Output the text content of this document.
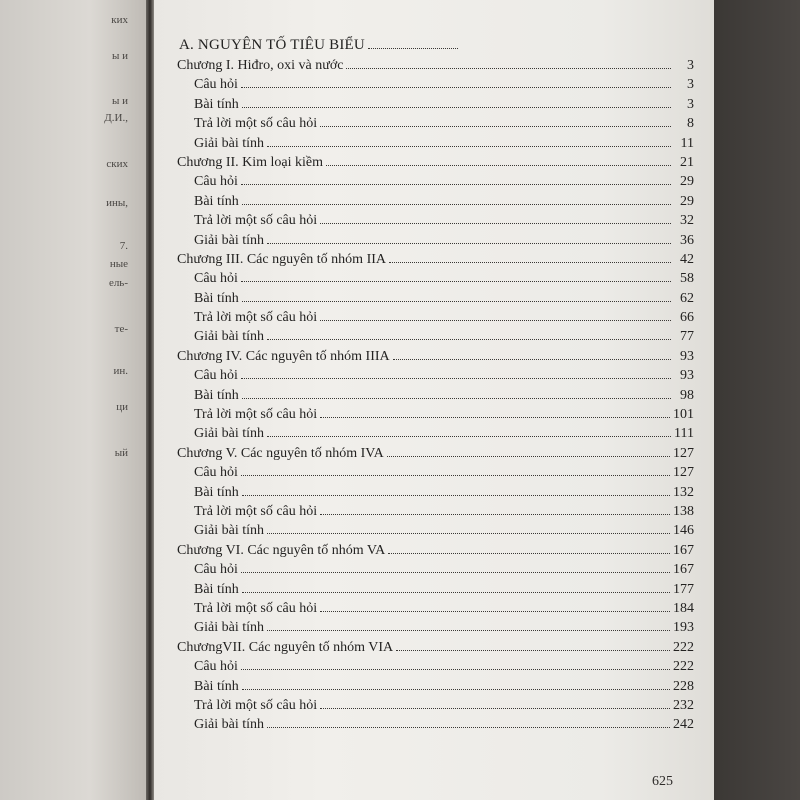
ких
ы и
ы и
Д.И.,
ских
ины,
7.
ные
ель-
те-
ин.
ци
ый
A. NGUYÊN TỐ TIÊU BIỂU
Chương I. Hiđro, oxi và nước	3
Câu hỏi	3
Bài tính	3
Trả lời một số câu hỏi	8
Giải bài tính	11
Chương II. Kim loại kiềm	21
Câu hỏi	29
Bài tính	29
Trả lời một số câu hỏi	32
Giải bài tính	36
Chương III. Các nguyên tố nhóm IIA	42
Câu hỏi	58
Bài tính	62
Trả lời một số câu hỏi	66
Giải bài tính	77
Chương IV. Các nguyên tố nhóm IIIA	93
Câu hỏi	93
Bài tính	98
Trả lời một số câu hỏi	101
Giải bài tính	111
Chương V. Các nguyên tố nhóm IVA	127
Câu hỏi	127
Bài tính	132
Trả lời một số câu hỏi	138
Giải bài tính	146
Chương VI. Các nguyên tố nhóm VA	167
Câu hỏi	167
Bài tính	177
Trả lời một số câu hỏi	184
Giải bài tính	193
ChươngVII. Các nguyên tố nhóm VIA	222
Câu hỏi	222
Bài tính	228
Trả lời một số câu hỏi	232
Giải bài tính	242
625
